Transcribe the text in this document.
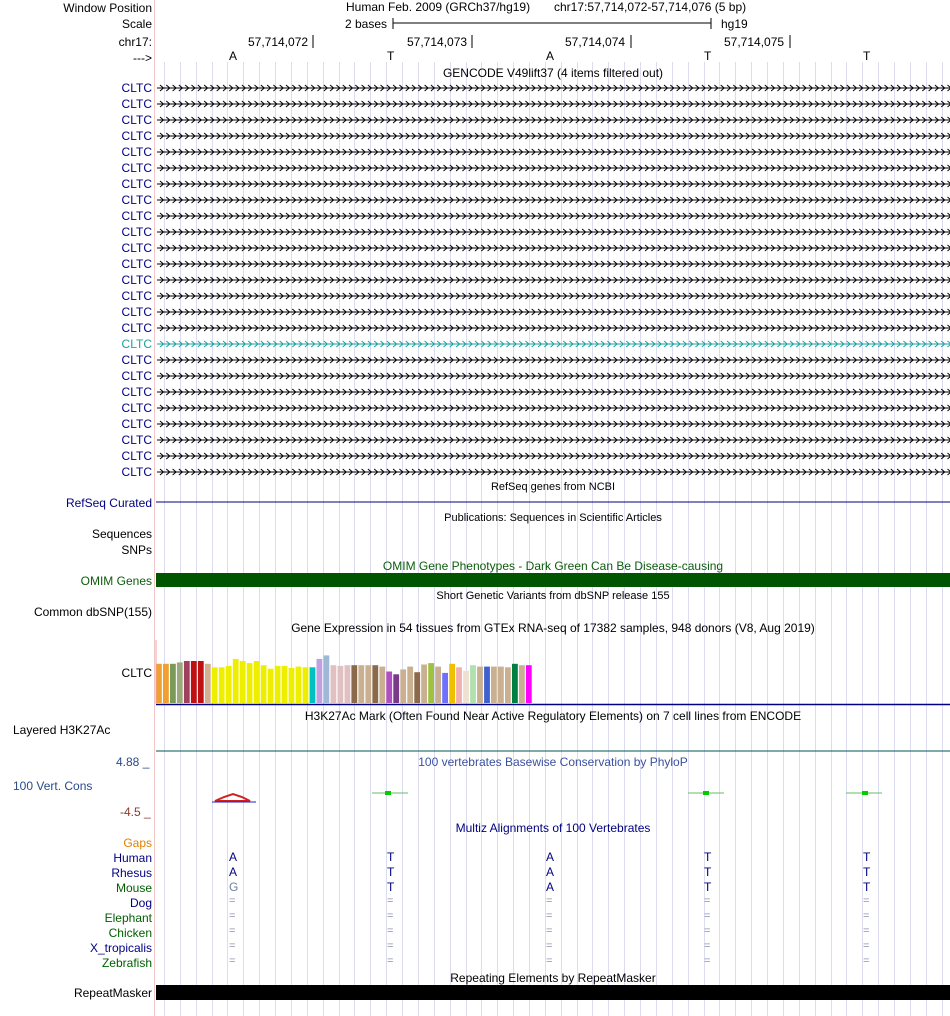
Window Position
Scale
chr17:
--->
Human Feb. 2009 (GRCh37/hg19) chr17:57,714,072-57,714,076 (5 bp)
2 bases	hg19
57,714,072	57,714,073	57,714,074	57,714,075
A	T	A	T	T
GENCODE V49lift37 (4 items filtered out)
CLTC
CLTC
CLTC
CLTC
CLTC
CLTC
CLTC
CLTC
CLTC
CLTC
CLTC
CLTC
CLTC
CLTC
CLTC
CLTC
CLTC
CLTC
CLTC
CLTC
CLTC
CLTC
CLTC
CLTC
CLTC
RefSeq genes from NCBI
RefSeq Curated
Publications: Sequences in Scientific Articles
Sequences
SNPs
OMIM Gene Phenotypes - Dark Green Can Be Disease-causing
OMIM Genes
Short Genetic Variants from dbSNP release 155
Common dbSNP(155)
Gene Expression in 54 tissues from GTEx RNA-seq of 17382 samples, 948 donors (V8, Aug 2019)
CLTC
H3K27Ac Mark (Often Found Near Active Regulatory Elements) on 7 cell lines from ENCODE
Layered H3K27Ac
4.88 _	100 vertebrates Basewise Conservation by PhyloP
100 Vert. Cons
-4.5 _
Multiz Alignments of 100 Vertebrates
Gaps
Human	A	T	A	T	T
Rhesus	A	T	A	T	T
Mouse	G	T	A	T	T
Dog	=	=	=	=	=
Elephant	=	=	=	=	=
Chicken	=	=	=	=	=
X_tropicalis	=	=	=	=	=
Zebrafish	=	=	=	=	=
Repeating Elements by RepeatMasker
RepeatMasker
